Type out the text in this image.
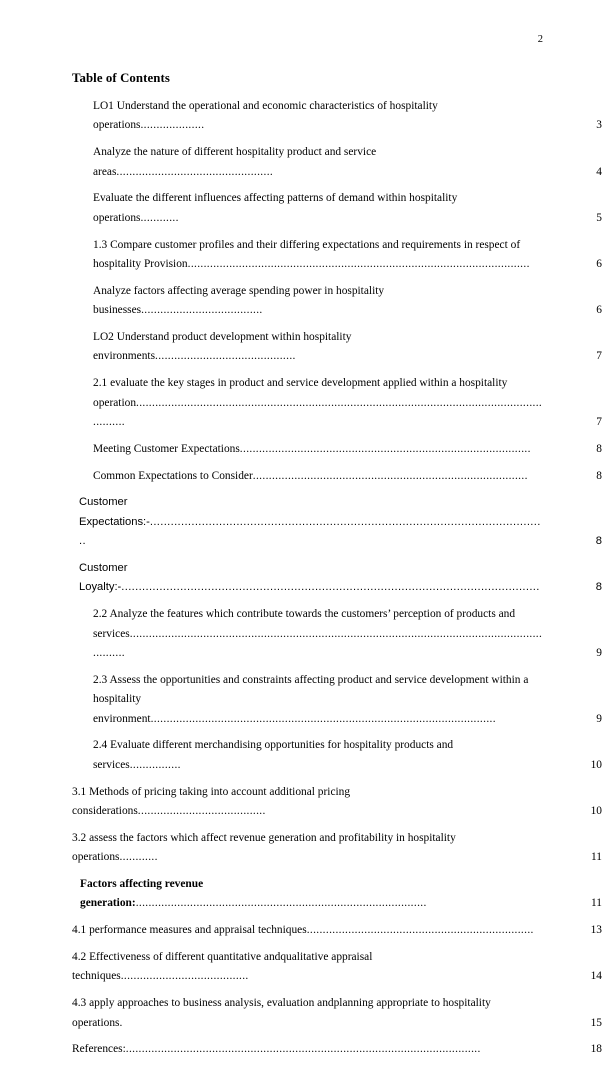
2
Table of Contents
LO1 Understand the operational and economic characteristics of hospitality operations....................	3
Analyze the nature of different hospitality product and service areas.................................................	4
Evaluate the different influences affecting patterns of demand within hospitality operations............	5
1.3 Compare customer profiles and their differing expectations and requirements in respect of hospitality Provision...........................................................................................................	6
Analyze factors affecting average spending power in hospitality businesses......................................	6
LO2 Understand product development within hospitality environments............................................	7
2.1 evaluate the key stages in product and service development applied within a hospitality operation.........................................................................................................................................	7
Meeting Customer Expectations...........................................................................................	8
Common Expectations to Consider......................................................................................	8
Customer Expectations:-...................................................................................................................	8
Customer Loyalty:-.........................................................................................................................	8
2.2 Analyze the features which contribute towards the customers’ perception of products and services...........................................................................................................................................	9
2.3 Assess the opportunities and constraints affecting product and service development within a hospitality environment............................................................................................................	9
2.4 Evaluate different merchandising opportunities for hospitality products and services................	10
3.1 Methods of pricing taking into account additional pricing considerations........................................	10
3.2 assess the factors which affect revenue generation and profitability in hospitality operations............	11
Factors affecting revenue generation:...........................................................................................	11
4.1 performance measures and appraisal techniques.......................................................................	13
4.2 Effectiveness of different quantitative andqualitative appraisal techniques........................................	14
4.3 apply approaches to business analysis, evaluation andplanning appropriate to hospitality operations.	15
References:...............................................................................................................	18
